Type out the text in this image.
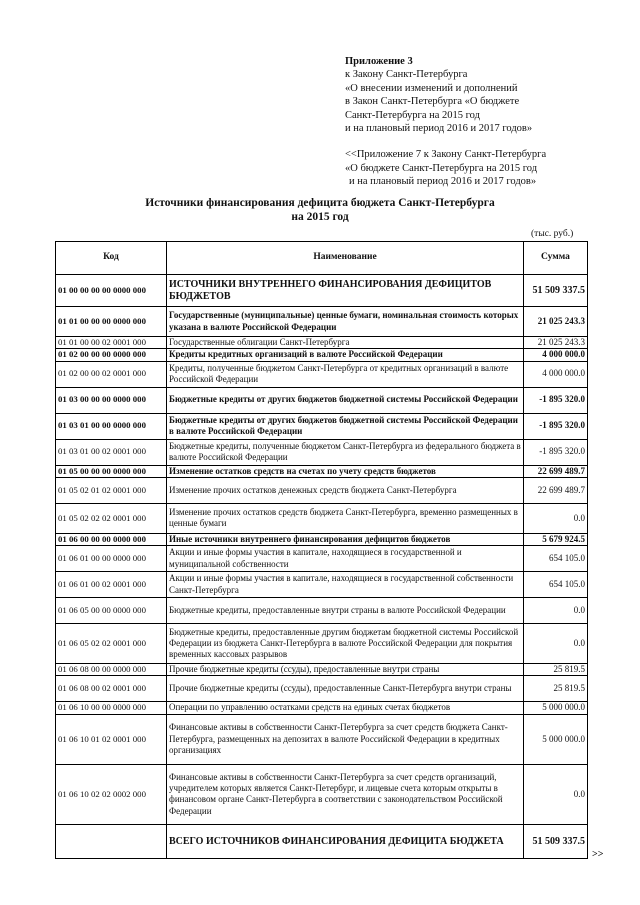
Приложение 3
к Закону Санкт-Петербурга
«О внесении изменений и дополнений
в Закон Санкт-Петербурга «О бюджете
Санкт-Петербурга на 2015 год
и на плановый период 2016 и 2017 годов»
<<Приложение 7 к Закону Санкт-Петербурга
«О бюджете Санкт-Петербурга на 2015 год
и на плановый период 2016 и 2017 годов»
Источники финансирования дефицита бюджета Санкт-Петербурга
на 2015 год
(тыс. руб.)
Код	Наименование	Сумма
01 00 00 00 00 0000 000	ИСТОЧНИКИ ВНУТРЕННЕГО ФИНАНСИРОВАНИЯ ДЕФИЦИТОВ БЮДЖЕТОВ	51 509 337.5
01 01 00 00 00 0000 000	Государственные (муниципальные) ценные бумаги, номинальная стоимость которых указана в валюте Российской Федерации	21 025 243.3
01 01 00 00 02 0001 000	Государственные облигации Санкт-Петербурга	21 025 243.3
01 02 00 00 00 0000 000	Кредиты кредитных организаций в валюте Российской Федерации	4 000 000.0
01 02 00 00 02 0001 000	Кредиты, полученные бюджетом Санкт-Петербурга от кредитных организаций в валюте Российской Федерации	4 000 000.0
01 03 00 00 00 0000 000	Бюджетные кредиты от других бюджетов бюджетной системы Российской Федерации	-1 895 320.0
01 03 01 00 00 0000 000	Бюджетные кредиты от других бюджетов бюджетной системы Российской Федерации в валюте Российской Федерации	-1 895 320.0
01 03 01 00 02 0001 000	Бюджетные кредиты, полученные бюджетом Санкт-Петербурга из федерального бюджета в валюте Российской Федерации	-1 895 320.0
01 05 00 00 00 0000 000	Изменение остатков средств на счетах по учету средств бюджетов	22 699 489.7
01 05 02 01 02 0001 000	Изменение прочих остатков денежных средств бюджета Санкт-Петербурга	22 699 489.7
01 05 02 02 02 0001 000	Изменение прочих остатков средств бюджета Санкт-Петербурга, временно размещенных в ценные бумаги	0.0
01 06 00 00 00 0000 000	Иные источники внутреннего финансирования дефицитов бюджетов	5 679 924.5
01 06 01 00 00 0000 000	Акции и иные формы участия в капитале, находящиеся в государственной и муниципальной собственности	654 105.0
01 06 01 00 02 0001 000	Акции и иные формы участия в капитале, находящиеся в государственной собственности Санкт-Петербурга	654 105.0
01 06 05 00 00 0000 000	Бюджетные кредиты, предоставленные внутри страны в валюте Российской Федерации	0.0
01 06 05 02 02 0001 000	Бюджетные кредиты, предоставленные другим бюджетам бюджетной системы Российской Федерации из бюджета Санкт-Петербурга в валюте Российской Федерации для покрытия временных кассовых разрывов	0.0
01 06 08 00 00 0000 000	Прочие бюджетные кредиты (ссуды), предоставленные внутри страны	25 819.5
01 06 08 00 02 0001 000	Прочие бюджетные кредиты (ссуды), предоставленные Санкт-Петербурга внутри страны	25 819.5
01 06 10 00 00 0000 000	Операции по управлению остатками средств на единых счетах бюджетов	5 000 000.0
01 06 10 01 02 0001 000	Финансовые активы в собственности Санкт-Петербурга за счет средств бюджета Санкт-Петербурга, размещенных на депозитах в валюте Российской Федерации в кредитных организациях	5 000 000.0
01 06 10 02 02 0002 000	Финансовые активы в собственности Санкт-Петербурга за счет средств организаций, учредителем которых является Санкт-Петербург, и лицевые счета которым открыты в финансовом органе Санкт-Петербурга в соответствии с законодательством Российской Федерации	0.0
	ВСЕГО ИСТОЧНИКОВ ФИНАНСИРОВАНИЯ ДЕФИЦИТА БЮДЖЕТА	51 509 337.5
>>
